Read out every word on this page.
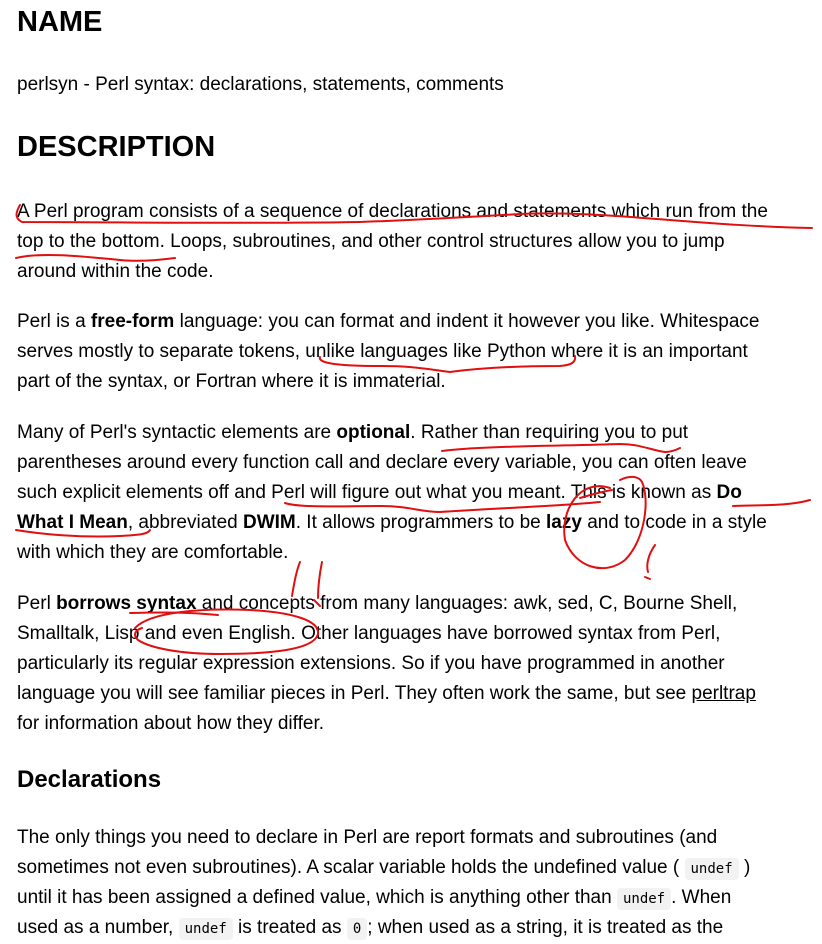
NAME
perlsyn - Perl syntax: declarations, statements, comments
DESCRIPTION
A Perl program consists of a sequence of declarations and statements which run from the
top to the bottom. Loops, subroutines, and other control structures allow you to jump
around within the code.
Perl is a free-form language: you can format and indent it however you like. Whitespace
serves mostly to separate tokens, unlike languages like Python where it is an important
part of the syntax, or Fortran where it is immaterial.
Many of Perl's syntactic elements are optional. Rather than requiring you to put
parentheses around every function call and declare every variable, you can often leave
such explicit elements off and Perl will figure out what you meant. This is known as Do
What I Mean, abbreviated DWIM. It allows programmers to be lazy and to code in a style
with which they are comfortable.
Perl borrows syntax and concepts from many languages: awk, sed, C, Bourne Shell,
Smalltalk, Lisp and even English. Other languages have borrowed syntax from Perl,
particularly its regular expression extensions. So if you have programmed in another
language you will see familiar pieces in Perl. They often work the same, but see perltrap
for information about how they differ.
Declarations
The only things you need to declare in Perl are report formats and subroutines (and
sometimes not even subroutines). A scalar variable holds the undefined value ( undef )
until it has been assigned a defined value, which is anything other than undef . When
used as a number, undef is treated as 0 ; when used as a string, it is treated as the
